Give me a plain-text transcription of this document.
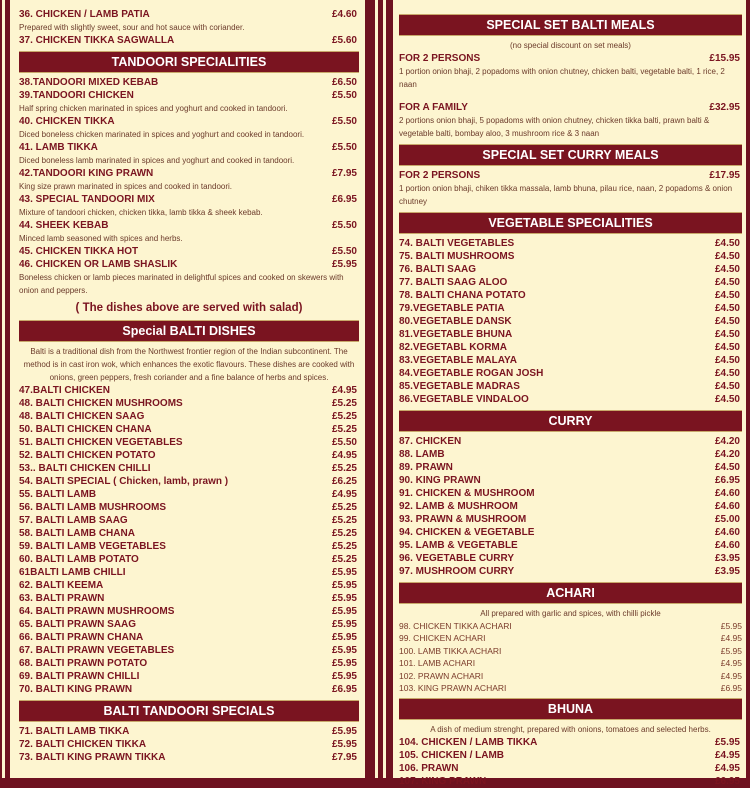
36. CHICKEN / LAMB PATIA	£4.60
Prepared with slightly sweet, sour and hot sauce with coriander.
37. CHICKEN TIKKA SAGWALLA	£5.60
TANDOORI SPECIALITIES
38.TANDOORI MIXED KEBAB	£6.50
39.TANDOORI CHICKEN	£5.50
Half spring chicken marinated in spices and yoghurt and cooked in tandoori.
40. CHICKEN TIKKA	£5.50
Diced boneless chicken marinated in spices and yoghurt and cooked in tandoori.
41. LAMB TIKKA	£5.50
Diced boneless lamb marinated in spices and yoghurt and cooked in tandoori.
42.TANDOORI KING PRAWN	£7.95
King size prawn marinated in spices and cooked in tandoori.
43. SPECIAL TANDOORI MIX	£6.95
Mixture of tandoori chicken, chicken tikka, lamb tikka & sheek kebab.
44. SHEEK KEBAB	£5.50
Minced lamb seasoned with spices and herbs.
45. CHICKEN TIKKA HOT	£5.50
46. CHICKEN OR LAMB SHASLIK	£5.95
Boneless chicken or lamb pieces marinated in delightful spices and cooked on skewers with onion and peppers.
( The dishes above are served with salad)
Special BALTI DISHES
Balti is a traditional dish from the Northwest frontier region of the Indian subcontinent. The method is in cast iron wok, which enhances the exotic flavours. These dishes are cooked with onions, green peppers, fresh coriander and a fine balance of herbs and spices.
47.BALTI CHICKEN	£4.95
48. BALTI CHICKEN MUSHROOMS	£5.25
48. BALTI CHICKEN SAAG	£5.25
50. BALTI CHICKEN CHANA	£5.25
51. BALTI CHICKEN VEGETABLES	£5.50
52. BALTI CHICKEN POTATO	£4.95
53.. BALTI CHICKEN CHILLI	£5.25
54. BALTI SPECIAL ( Chicken, lamb, prawn )	£6.25
55. BALTI LAMB	£4.95
56. BALTI LAMB MUSHROOMS	£5.25
57. BALTI LAMB SAAG	£5.25
58. BALTI LAMB CHANA	£5.25
59. BALTI LAMB VEGETABLES	£5.25
60. BALTI LAMB POTATO	£5.25
61BALTI LAMB CHILLI	£5.95
62. BALTI KEEMA	£5.95
63. BALTI PRAWN	£5.95
64. BALTI PRAWN MUSHROOMS	£5.95
65. BALTI PRAWN SAAG	£5.95
66. BALTI PRAWN CHANA	£5.95
67. BALTI PRAWN VEGETABLES	£5.95
68. BALTI PRAWN POTATO	£5.95
69. BALTI PRAWN CHILLI	£5.95
70. BALTI KING PRAWN	£6.95
BALTI TANDOORI SPECIALS
71. BALTI LAMB TIKKA	£5.95
72. BALTI CHICKEN TIKKA	£5.95
73. BALTI KING PRAWN TIKKA	£7.95
SPECIAL SET BALTI MEALS
(no special discount on set meals)
FOR 2 PERSONS	£15.95
1 portion onion bhaji, 2 popadoms with onion chutney, chicken balti, vegetable balti, 1 rice, 2 naan
FOR A FAMILY	£32.95
2 portions onion bhaji, 5 popadoms with onion chutney, chicken tikka balti, prawn balti & vegetable balti, bombay aloo, 3 mushroom rice & 3 naan
SPECIAL SET CURRY MEALS
FOR 2 PERSONS	£17.95
1 portion onion bhaji, chiken tikka massala, lamb bhuna, pilau rice, naan, 2 popadoms & onion chutney
VEGETABLE SPECIALITIES
74. BALTI VEGETABLES	£4.50
75. BALTI MUSHROOMS	£4.50
76. BALTI SAAG	£4.50
77. BALTI SAAG ALOO	£4.50
78. BALTI CHANA POTATO	£4.50
79.VEGETABLE PATIA	£4.50
80.VEGETABLE DANSK	£4.50
81.VEGETABLE BHUNA	£4.50
82.VEGETABL KORMA	£4.50
83.VEGETABLE MALAYA	£4.50
84.VEGETABLE ROGAN JOSH	£4.50
85.VEGETABLE MADRAS	£4.50
86.VEGETABLE VINDALOO	£4.50
CURRY
87. CHICKEN	£4.20
88. LAMB	£4.20
89. PRAWN	£4.50
90. KING PRAWN	£6.95
91. CHICKEN & MUSHROOM	£4.60
92. LAMB & MUSHROOM	£4.60
93. PRAWN & MUSHROOM	£5.00
94. CHICKEN & VEGETABLE	£4.60
95. LAMB & VEGETABLE	£4.60
96. VEGETABLE CURRY	£3.95
97. MUSHROOM CURRY	£3.95
ACHARI
All prepared with garlic and spices, with chilli pickle
98. CHICKEN TIKKA ACHARI	£5.95
99. CHICKEN ACHARI	£4.95
100. LAMB TIKKA ACHARI	£5.95
101. LAMB ACHARI	£4.95
102. PRAWN ACHARI	£4.95
103. KING PRAWN ACHARI	£6.95
BHUNA
A dish of medium strenght, prepared with onions, tomatoes and selected herbs.
104. CHICKEN / LAMB TIKKA	£5.95
105. CHICKEN / LAMB	£4.95
106. PRAWN	£4.95
107. KING PRAWN	£6.95
